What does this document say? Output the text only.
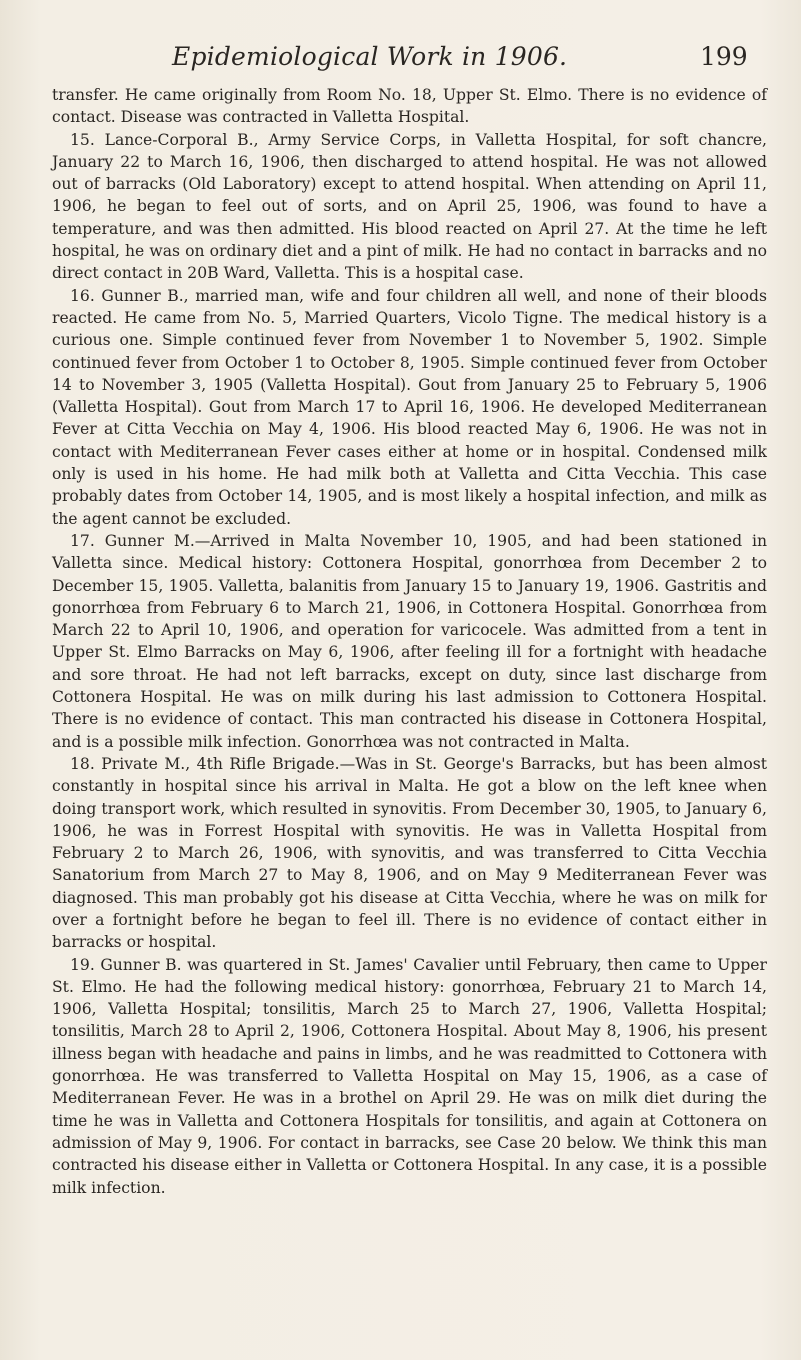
Epidemiological Work in 1906.	199

transfer. He came originally from Room No. 18, Upper St. Elmo. There is no evidence of contact. Disease was contracted in Valletta Hospital.

15. Lance-Corporal B., Army Service Corps, in Valletta Hospital, for soft chancre, January 22 to March 16, 1906, then discharged to attend hospital. He was not allowed out of barracks (Old Laboratory) except to attend hospital. When attending on April 11, 1906, he began to feel out of sorts, and on April 25, 1906, was found to have a temperature, and was then admitted. His blood reacted on April 27. At the time he left hospital, he was on ordinary diet and a pint of milk. He had no contact in barracks and no direct contact in 20B Ward, Valletta. This is a hospital case.

16. Gunner B., married man, wife and four children all well, and none of their bloods reacted. He came from No. 5, Married Quarters, Vicolo Tigne. The medical history is a curious one. Simple continued fever from November 1 to November 5, 1902. Simple continued fever from October 1 to October 8, 1905. Simple continued fever from October 14 to November 3, 1905 (Valletta Hospital). Gout from January 25 to February 5, 1906 (Valletta Hospital). Gout from March 17 to April 16, 1906. He developed Mediterranean Fever at Citta Vecchia on May 4, 1906. His blood reacted May 6, 1906. He was not in contact with Mediterranean Fever cases either at home or in hospital. Condensed milk only is used in his home. He had milk both at Valletta and Citta Vecchia. This case probably dates from October 14, 1905, and is most likely a hospital infection, and milk as the agent cannot be excluded.

17. Gunner M.—Arrived in Malta November 10, 1905, and had been stationed in Valletta since. Medical history: Cottonera Hospital, gonorrhœa from December 2 to December 15, 1905. Valletta, balanitis from January 15 to January 19, 1906. Gastritis and gonorrhœa from February 6 to March 21, 1906, in Cottonera Hospital. Gonorrhœa from March 22 to April 10, 1906, and operation for varicocele. Was admitted from a tent in Upper St. Elmo Barracks on May 6, 1906, after feeling ill for a fortnight with headache and sore throat. He had not left barracks, except on duty, since last discharge from Cottonera Hospital. He was on milk during his last admission to Cottonera Hospital. There is no evidence of contact. This man contracted his disease in Cottonera Hospital, and is a possible milk infection. Gonorrhœa was not contracted in Malta.

18. Private M., 4th Rifle Brigade.—Was in St. George's Barracks, but has been almost constantly in hospital since his arrival in Malta. He got a blow on the left knee when doing transport work, which resulted in synovitis. From December 30, 1905, to January 6, 1906, he was in Forrest Hospital with synovitis. He was in Valletta Hospital from February 2 to March 26, 1906, with synovitis, and was transferred to Citta Vecchia Sanatorium from March 27 to May 8, 1906, and on May 9 Mediterranean Fever was diagnosed. This man probably got his disease at Citta Vecchia, where he was on milk for over a fortnight before he began to feel ill. There is no evidence of contact either in barracks or hospital.

19. Gunner B. was quartered in St. James' Cavalier until February, then came to Upper St. Elmo. He had the following medical history: gonorrhœa, February 21 to March 14, 1906, Valletta Hospital; tonsilitis, March 25 to March 27, 1906, Valletta Hospital; tonsilitis, March 28 to April 2, 1906, Cottonera Hospital. About May 8, 1906, his present illness began with headache and pains in limbs, and he was readmitted to Cottonera with gonorrhœa. He was transferred to Valletta Hospital on May 15, 1906, as a case of Mediterranean Fever. He was in a brothel on April 29. He was on milk diet during the time he was in Valletta and Cottonera Hospitals for tonsilitis, and again at Cottonera on admission of May 9, 1906. For contact in barracks, see Case 20 below. We think this man contracted his disease either in Valletta or Cottonera Hospital. In any case, it is a possible milk infection.
